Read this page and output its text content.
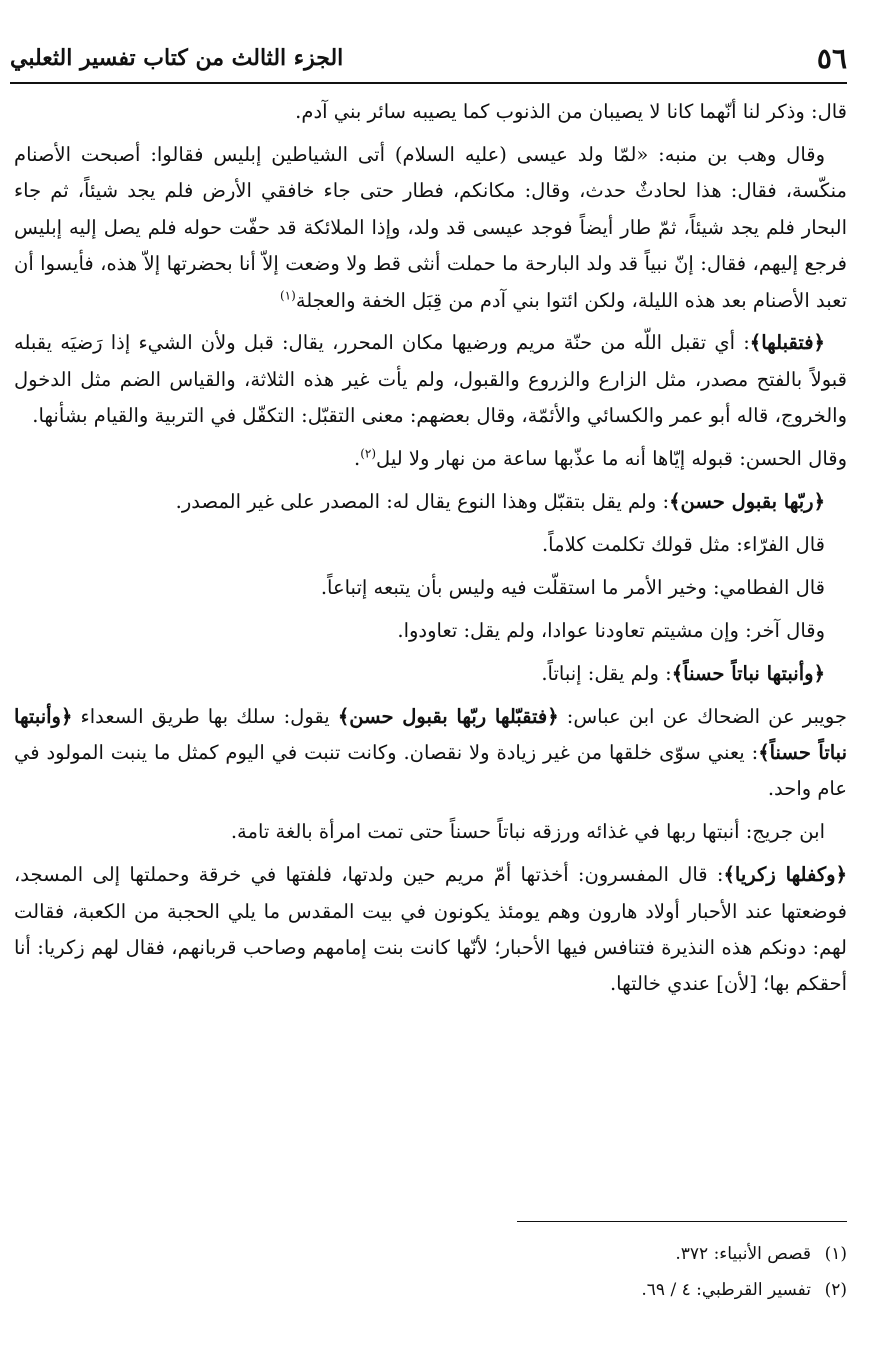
٥٦
الجزء الثالث من كتاب تفسير الثعلبي

قال: وذكر لنا أنّهما كانا لا يصيبان من الذنوب كما يصيبه سائر بني آدم.

وقال وهب بن منبه: «لمّا ولد عيسى (عليه السلام) أتى الشياطين إبليس فقالوا: أصبحت الأصنام منكّسة، فقال: هذا لحادثٌ حدث، وقال: مكانكم، فطار حتى جاء خافقي الأرض فلم يجد شيئاً، ثم جاء البحار فلم يجد شيئاً، ثمّ طار أيضاً فوجد عيسى قد ولد، وإذا الملائكة قد حفّت حوله فلم يصل إليه إبليس فرجع إليهم، فقال: إنّ نبياً قد ولد البارحة ما حملت أنثى قط ولا وضعت إلاّ أنا بحضرتها إلاّ هذه، فأيسوا أن تعبد الأصنام بعد هذه الليلة، ولكن ائتوا بني آدم من قِبَل الخفة والعجلة$^{(١)}$

﴿فتقبلها﴾: أي تقبل اللّه من حنّة مريم ورضيها مكان المحرر، يقال: قبل ولأن الشيء إذا رَضيَه يقبله قبولاً بالفتح مصدر، مثل الزارع والزروع والقبول، ولم يأت غير هذه الثلاثة، والقياس الضم مثل الدخول والخروج، قاله أبو عمر والكسائي والأئمّة، وقال بعضهم: معنى التقبّل: التكفّل في التربية والقيام بشأنها.

وقال الحسن: قبوله إيّاها أنه ما عذّبها ساعة من نهار ولا ليل$^{(٢)}$.

﴿ربّها بقبول حسن﴾: ولم يقل بتقبّل وهذا النوع يقال له: المصدر على غير المصدر.

قال الفرّاء: مثل قولك تكلمت كلاماً.

قال الفطامي: وخير الأمر ما استقلّت فيه وليس بأن يتبعه إتباعاً.

وقال آخر: وإن مشيتم تعاودنا عوادا، ولم يقل: تعاودوا.

﴿وأنبتها نباتاً حسناً﴾: ولم يقل: إنباتاً.

جويبر عن الضحاك عن ابن عباس: ﴿فتقبّلها ربّها بقبول حسن﴾ يقول: سلك بها طريق السعداء ﴿وأنبتها نباتاً حسناً﴾: يعني سوّى خلقها من غير زيادة ولا نقصان. وكانت تنبت في اليوم كمثل ما ينبت المولود في عام واحد.

ابن جريج: أنبتها ربها في غذائه ورزقه نباتاً حسناً حتى تمت امرأة بالغة تامة.

﴿وكفلها زكريا﴾: قال المفسرون: أخذتها أمّ مريم حين ولدتها، فلفتها في خرقة وحملتها إلى المسجد، فوضعتها عند الأحبار أولاد هارون وهم يومئذ يكونون في بيت المقدس ما يلي الحجبة من الكعبة، فقالت لهم: دونكم هذه النذيرة فتنافس فيها الأحبار؛ لأنّها كانت بنت إمامهم وصاحب قربانهم، فقال لهم زكريا: أنا أحقكم بها؛ [لأن] عندي خالتها.

(١)
قصص الأنبياء: ٣٧٢.
(٢)
تفسير القرطبي: ٤ / ٦٩.
